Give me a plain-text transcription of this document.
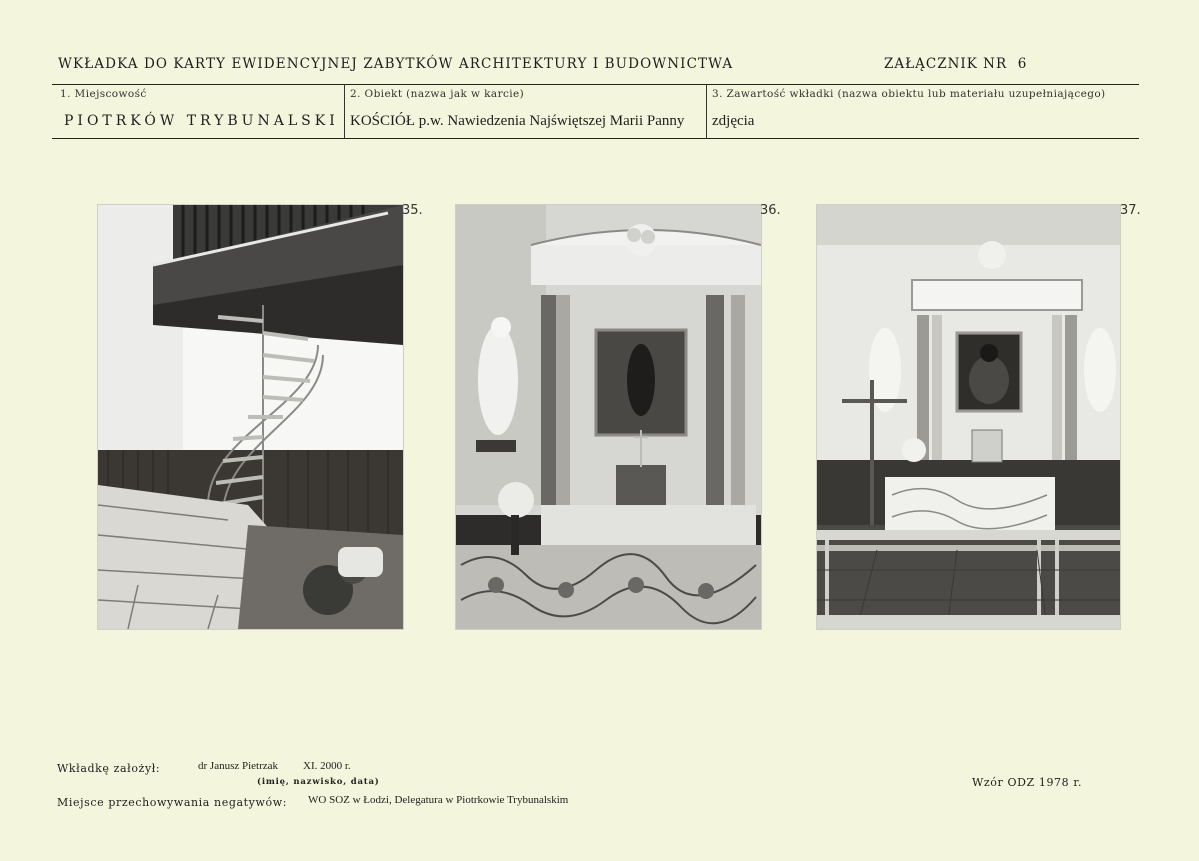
WKŁADKA DO KARTY EWIDENCYJNEJ ZABYTKÓW ARCHITEKTURY I BUDOWNICTWA	ZAŁĄCZNIK NR 6
1. Miejscowość
PIOTRKÓW TRYBUNALSKI
2. Obiekt (nazwa jak w karcie)
KOŚCIÓŁ p.w. Nawiedzenia Najświętszej Marii Panny
3. Zawartość wkładki (nazwa obiektu lub materiału uzupełniającego)
zdjęcia
35.	36.	37.
Wkładkę założył:	dr Janusz Pietrzak XI. 2000 r.
(imię, nazwisko, data)
Miejsce przechowywania negatywów: WO SOZ w Łodzi, Delegatura w Piotrkowie Trybunalskim
Wzór ODZ 1978 r.
